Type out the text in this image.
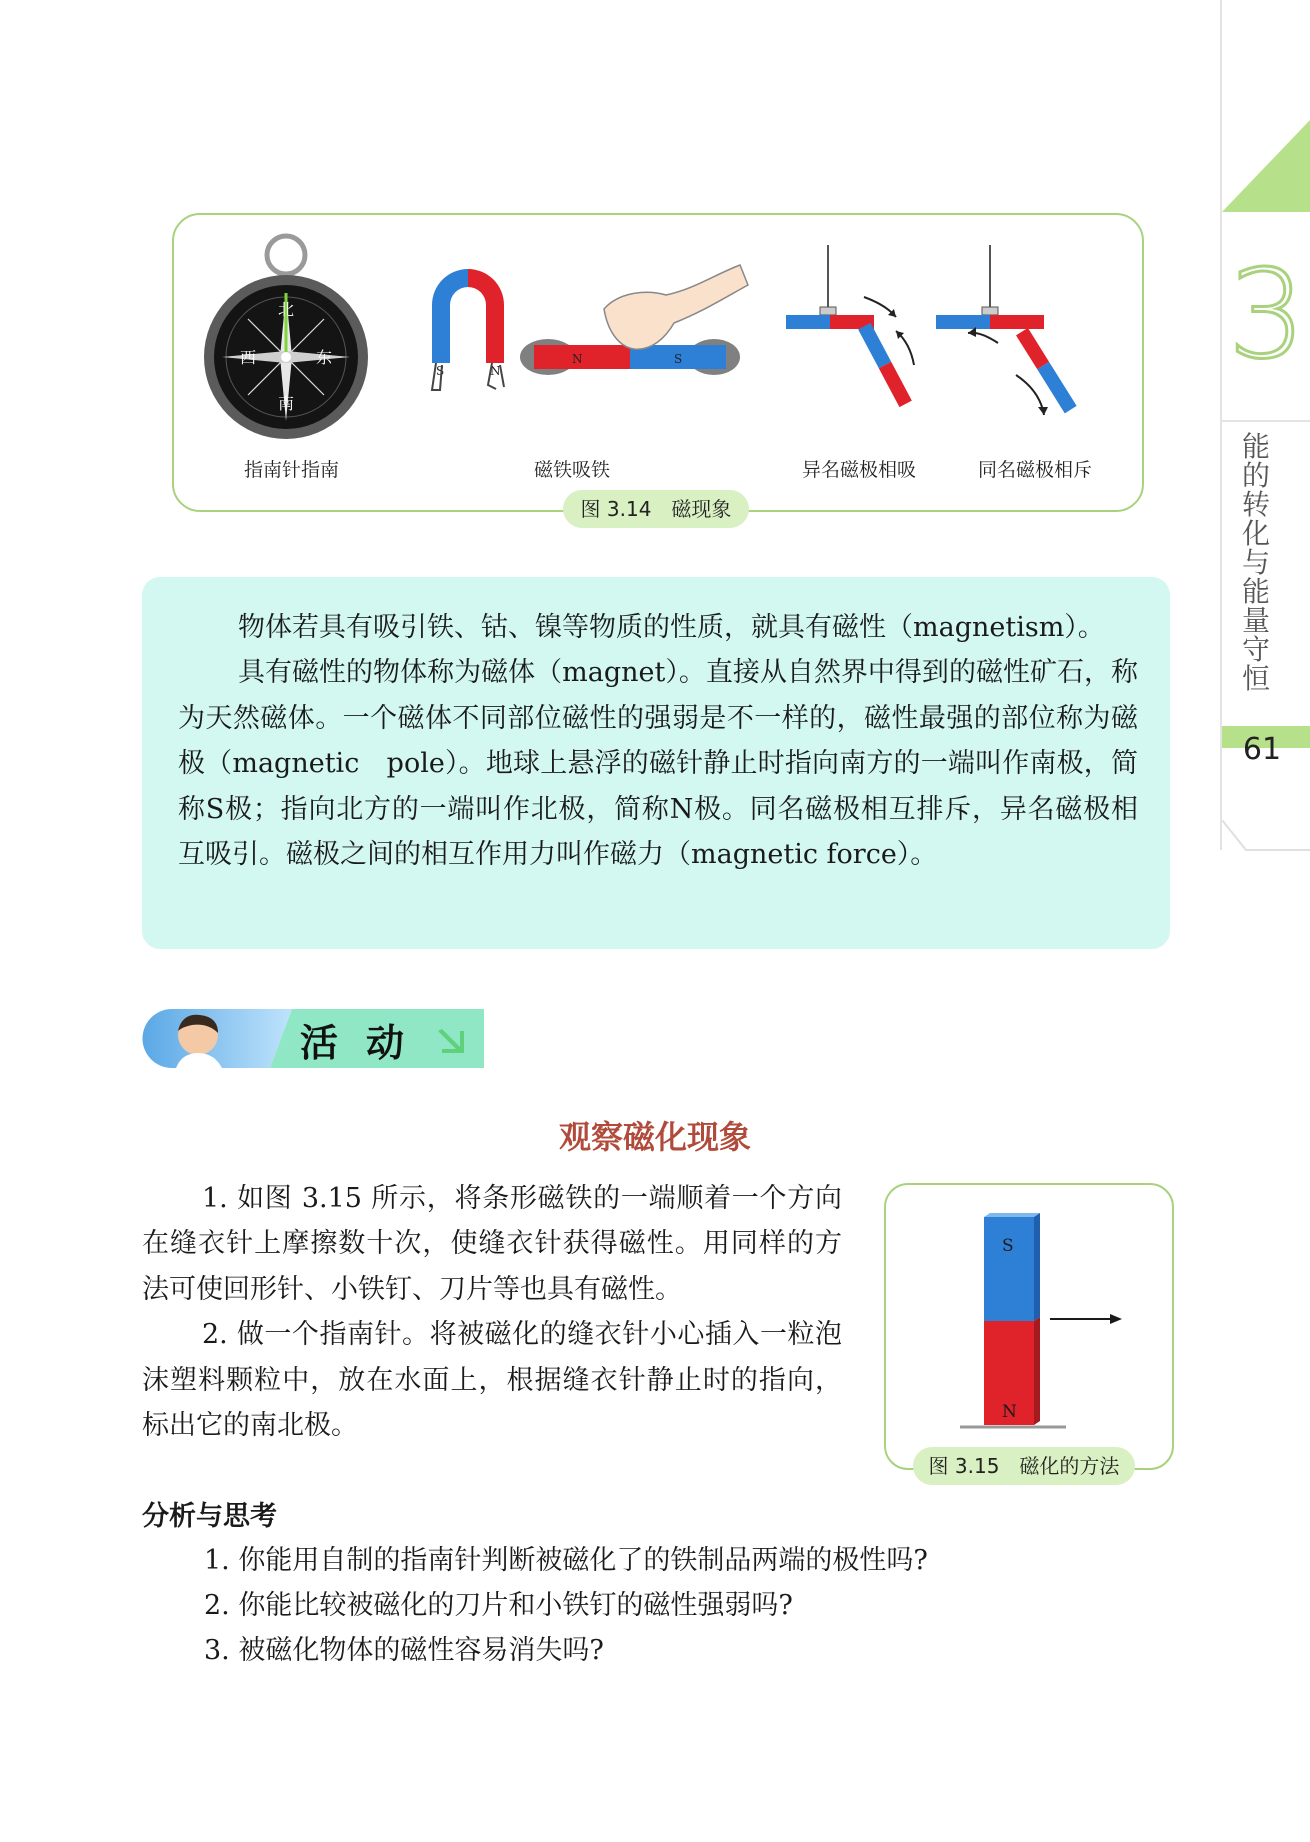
3
能的转化与能量守恒
61
北
东
南
西
S	N
N	S
指南针指南	磁铁吸铁	异名磁极相吸	同名磁极相斥
图 3.14　磁现象

物体若具有吸引铁、钴、镍等物质的性质，就具有磁性（magnetism）。
具有磁性的物体称为磁体（magnet）。直接从自然界中得到的磁性矿石，称为天然磁体。一个磁体不同部位磁性的强弱是不一样的，磁性最强的部位称为磁极（magnetic　pole）。地球上悬浮的磁针静止时指向南方的一端叫作南极，简称S极；指向北方的一端叫作北极，简称N极。同名磁极相互排斥，异名磁极相互吸引。磁极之间的相互作用力叫作磁力（magnetic force）。

活动
观察磁化现象
1. 如图 3.15 所示，将条形磁铁的一端顺着一个方向在缝衣针上摩擦数十次，使缝衣针获得磁性。用同样的方法可使回形针、小铁钉、刀片等也具有磁性。
2. 做一个指南针。将被磁化的缝衣针小心插入一粒泡沫塑料颗粒中，放在水面上，根据缝衣针静止时的指向，标出它的南北极。
S
N
图 3.15　磁化的方法
分析与思考
1. 你能用自制的指南针判断被磁化了的铁制品两端的极性吗?
2. 你能比较被磁化的刀片和小铁钉的磁性强弱吗?
3. 被磁化物体的磁性容易消失吗?
